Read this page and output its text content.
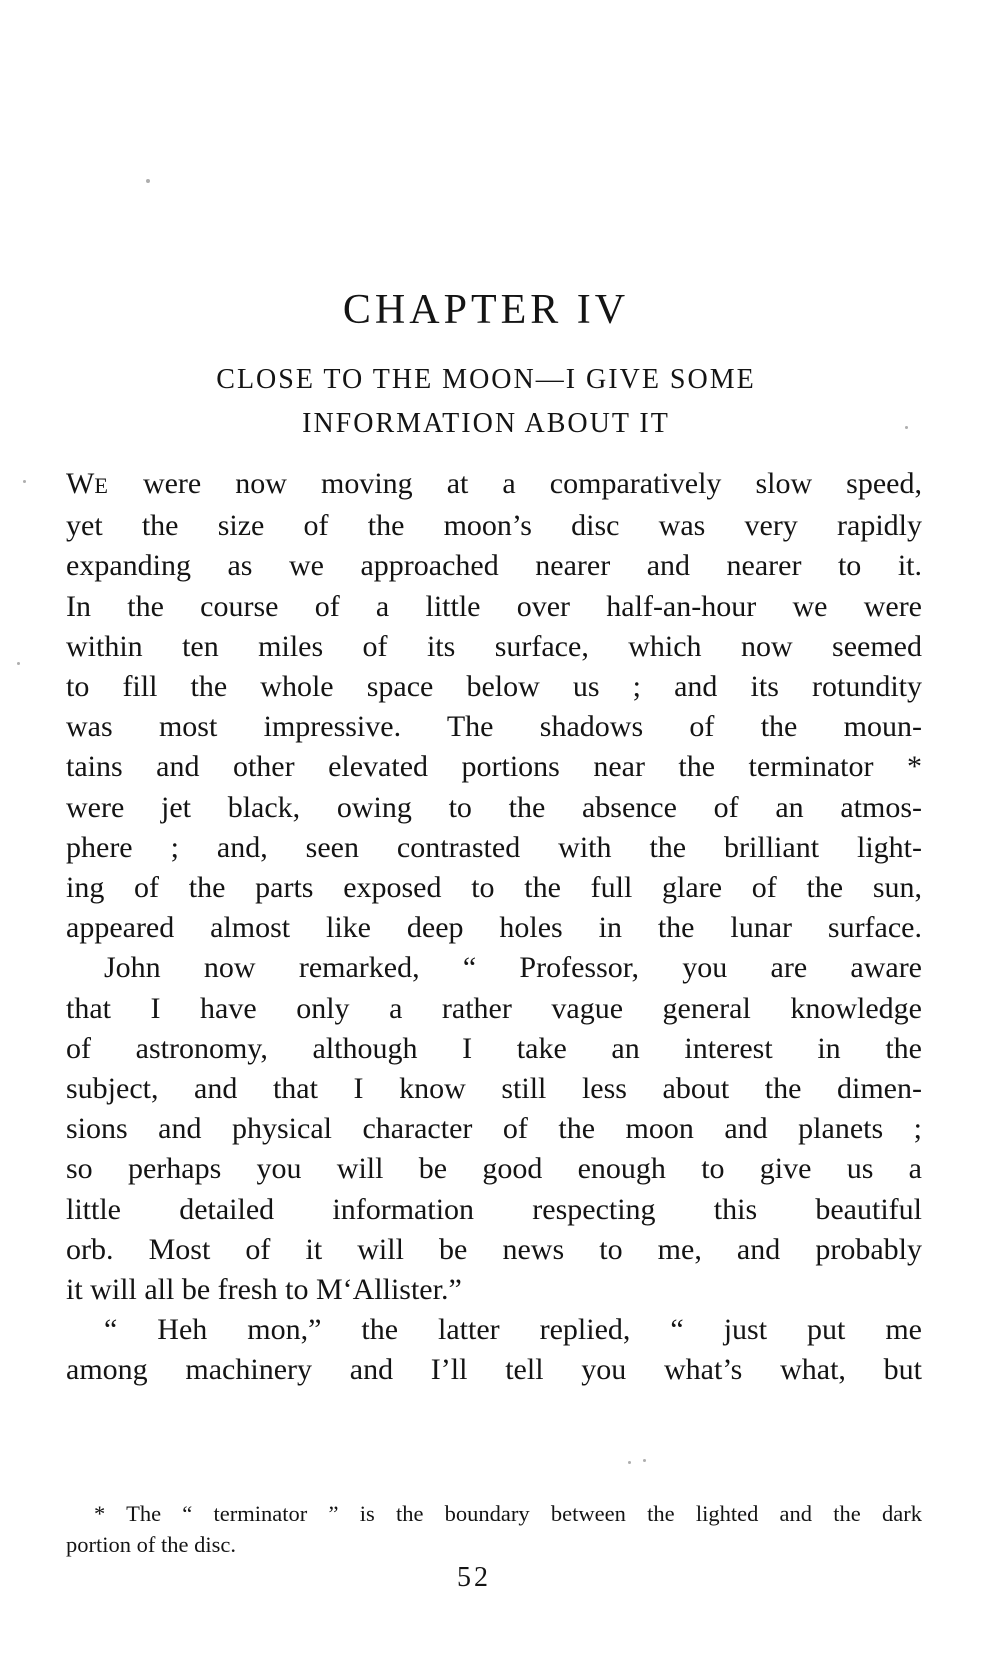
CHAPTER IV
CLOSE TO THE MOON—I GIVE SOME
INFORMATION ABOUT IT
WE were now moving at a comparatively slow speed,
yet the size of the moon’s disc was very rapidly
expanding as we approached nearer and nearer to it.
In the course of a little over half-an-hour we were
within ten miles of its surface, which now seemed
to fill the whole space below us ; and its rotundity
was most impressive. The shadows of the moun-
tains and other elevated portions near the terminator *
were jet black, owing to the absence of an atmos-
phere ; and, seen contrasted with the brilliant light-
ing of the parts exposed to the full glare of the sun,
appeared almost like deep holes in the lunar surface.
John now remarked, “ Professor, you are aware
that I have only a rather vague general knowledge
of astronomy, although I take an interest in the
subject, and that I know still less about the dimen-
sions and physical character of the moon and planets ;
so perhaps you will be good enough to give us a
little detailed information respecting this beautiful
orb. Most of it will be news to me, and probably
it will all be fresh to M‘Allister.”
“ Heh mon,” the latter replied, “ just put me
among machinery and I’ll tell you what’s what, but
* The “ terminator ” is the boundary between the lighted and the dark
portion of the disc.
52
